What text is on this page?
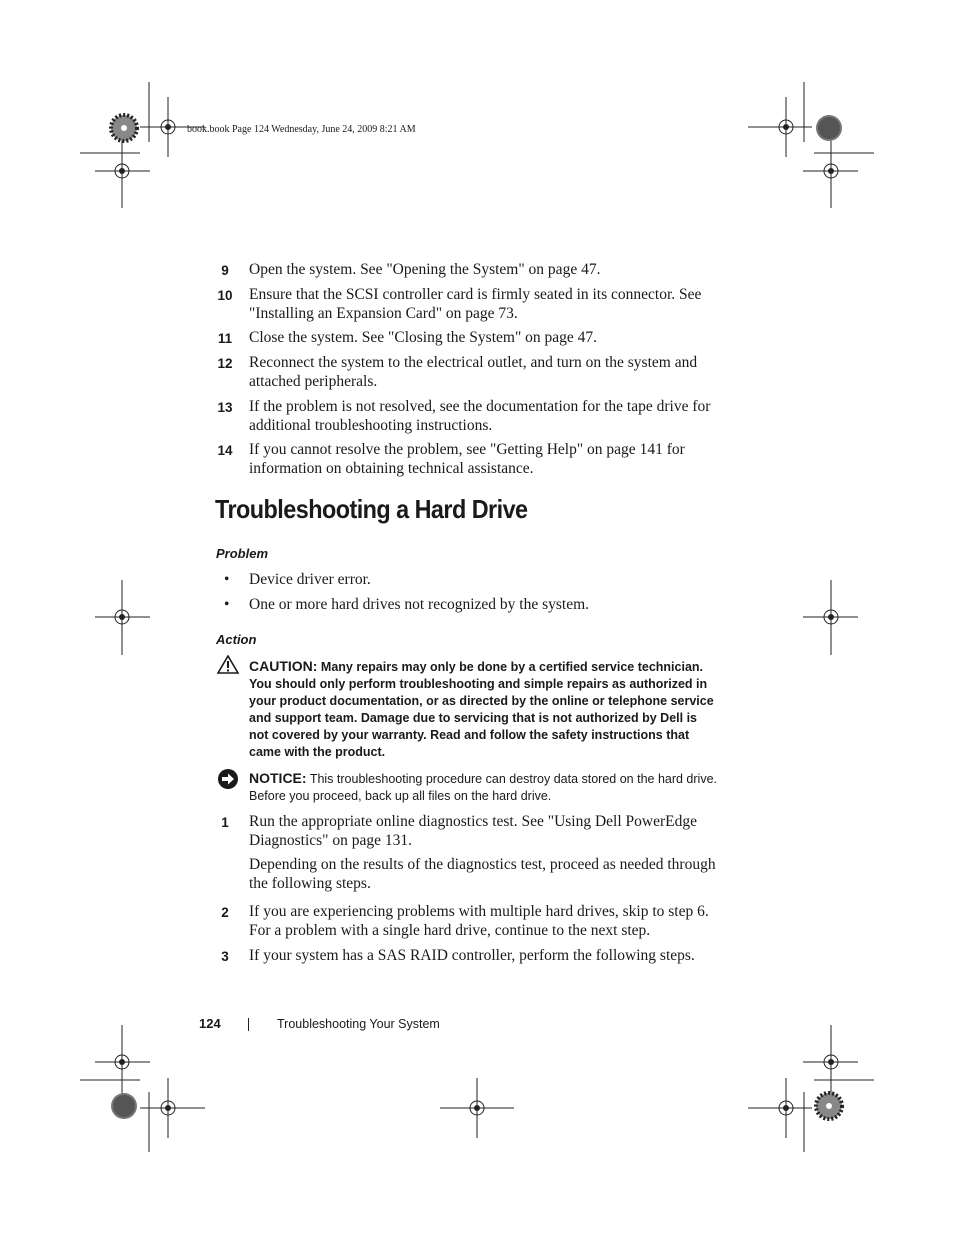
book.book Page 124 Wednesday, June 24, 2009 8:21 AM
9	Open the system. See "Opening the System" on page 47.
10 Ensure that the SCSI controller card is firmly seated in its connector. See "Installing an Expansion Card" on page 73.
11 Close the system. See "Closing the System" on page 47.
12 Reconnect the system to the electrical outlet, and turn on the system and attached peripherals.
13 If the problem is not resolved, see the documentation for the tape drive for additional troubleshooting instructions.
14 If you cannot resolve the problem, see "Getting Help" on page 141 for information on obtaining technical assistance.
Troubleshooting a Hard Drive
Problem
• Device driver error.
• One or more hard drives not recognized by the system.
Action
CAUTION: Many repairs may only be done by a certified service technician. You should only perform troubleshooting and simple repairs as authorized in your product documentation, or as directed by the online or telephone service and support team. Damage due to servicing that is not authorized by Dell is not covered by your warranty. Read and follow the safety instructions that came with the product.
NOTICE: This troubleshooting procedure can destroy data stored on the hard drive. Before you proceed, back up all files on the hard drive.
1	Run the appropriate online diagnostics test. See "Using Dell PowerEdge Diagnostics" on page 131.
Depending on the results of the diagnostics test, proceed as needed through the following steps.
2	If you are experiencing problems with multiple hard drives, skip to step 6. For a problem with a single hard drive, continue to the next step.
3	If your system has a SAS RAID controller, perform the following steps.
124	Troubleshooting Your System
